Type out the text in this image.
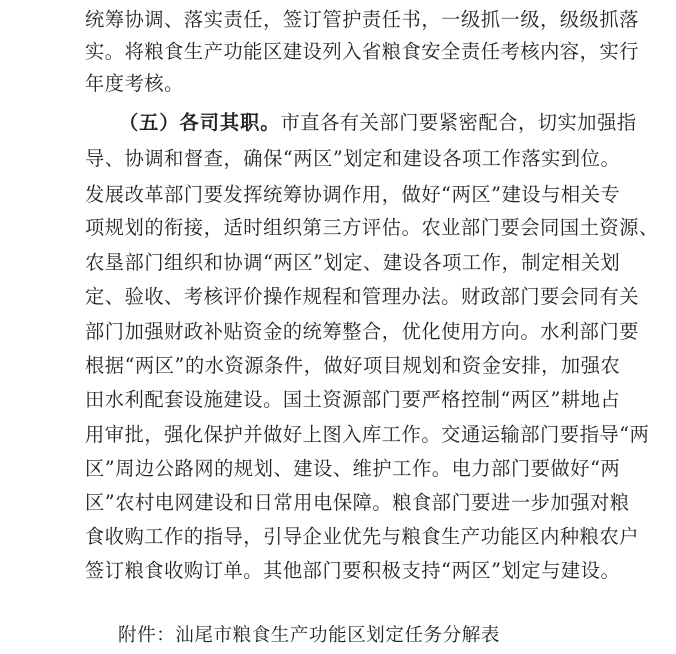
统筹协调、落实责任，签订管护责任书，一级抓一级，级级抓落
实。将粮食生产功能区建设列入省粮食安全责任考核内容，实行
年度考核。
（五）各司其职。市直各有关部门要紧密配合，切实加强指
导、协调和督查，确保“两区”划定和建设各项工作落实到位。
发展改革部门要发挥统筹协调作用，做好“两区”建设与相关专
项规划的衔接，适时组织第三方评估。农业部门要会同国土资源、
农垦部门组织和协调“两区”划定、建设各项工作，制定相关划
定、验收、考核评价操作规程和管理办法。财政部门要会同有关
部门加强财政补贴资金的统筹整合，优化使用方向。水利部门要
根据“两区”的水资源条件，做好项目规划和资金安排，加强农
田水利配套设施建设。国土资源部门要严格控制“两区”耕地占
用审批，强化保护并做好上图入库工作。交通运输部门要指导“两
区”周边公路网的规划、建设、维护工作。电力部门要做好“两
区”农村电网建设和日常用电保障。粮食部门要进一步加强对粮
食收购工作的指导，引导企业优先与粮食生产功能区内种粮农户
签订粮食收购订单。其他部门要积极支持“两区”划定与建设。
附件：汕尾市粮食生产功能区划定任务分解表
